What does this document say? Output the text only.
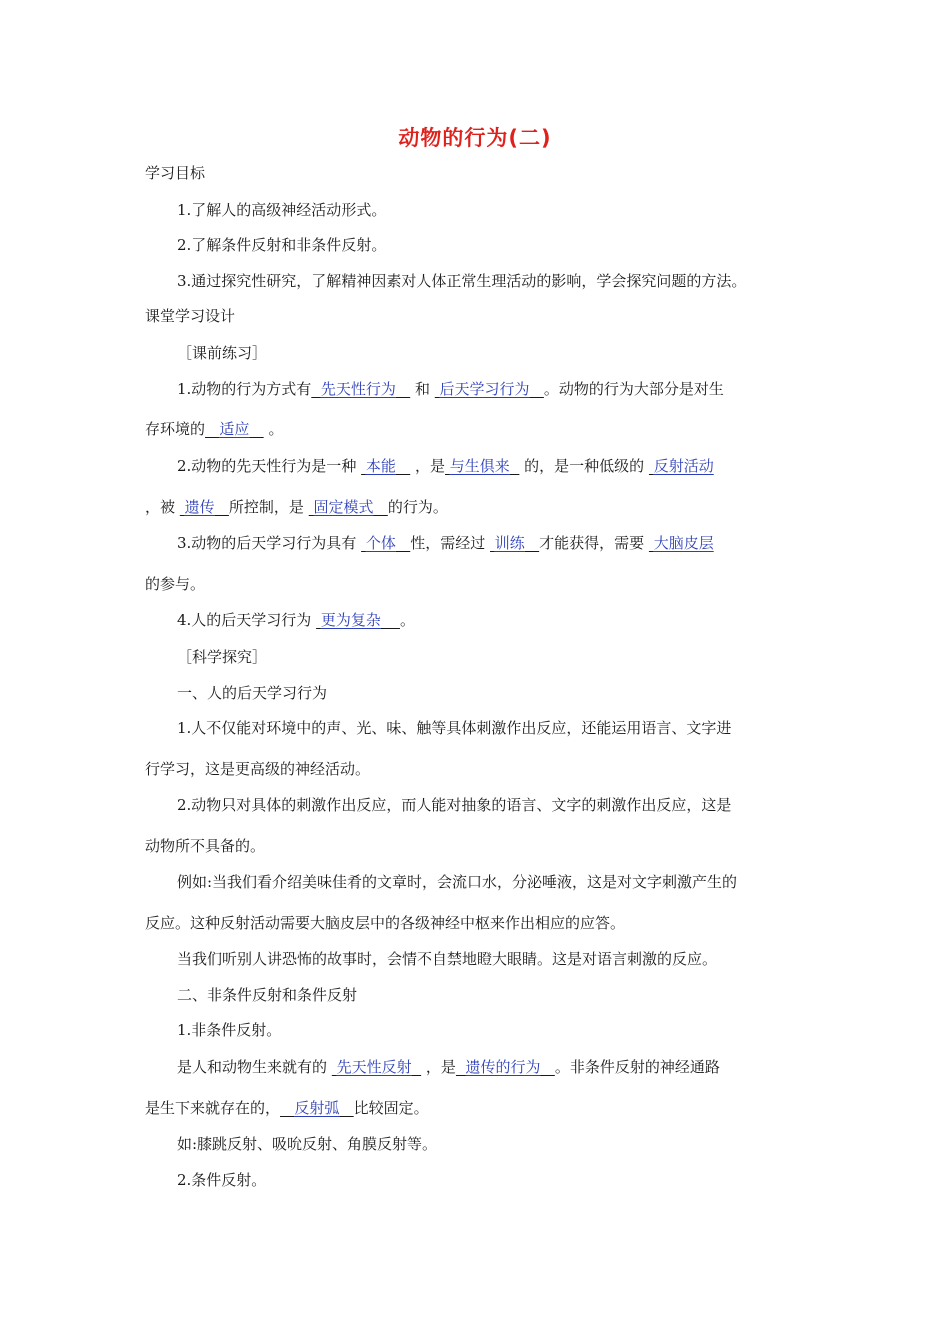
动物的行为(二)
学习目标
1.了解人的高级神经活动形式。
2.了解条件反射和非条件反射。
3.通过探究性研究，了解精神因素对人体正常生理活动的影响，学会探究问题的方法。
课堂学习设计
［课前练习］
1.动物的行为方式有 先天性行为 和 后天学习行为 。动物的行为大部分是对生
存环境的 适应 。
2.动物的先天性行为是一种 本能 ，是 与生俱来 的，是一种低级的 反射活动
，被 遗传 所控制，是 固定模式 的行为。
3.动物的后天学习行为具有 个体 性，需经过 训练 才能获得，需要 大脑皮层
的参与。
4.人的后天学习行为 更为复杂 。
［科学探究］
一、人的后天学习行为
1.人不仅能对环境中的声、光、味、触等具体刺激作出反应，还能运用语言、文字进
行学习，这是更高级的神经活动。
2.动物只对具体的刺激作出反应，而人能对抽象的语言、文字的刺激作出反应，这是
动物所不具备的。
例如:当我们看介绍美味佳肴的文章时，会流口水，分泌唾液，这是对文字刺激产生的
反应。这种反射活动需要大脑皮层中的各级神经中枢来作出相应的应答。
当我们听别人讲恐怖的故事时，会情不自禁地瞪大眼睛。这是对语言刺激的反应。
二、非条件反射和条件反射
1.非条件反射。
是人和动物生来就有的 先天性反射 ，是 遗传的行为 。非条件反射的神经通路
是生下来就存在的， 反射弧 比较固定。
如:膝跳反射、吸吮反射、角膜反射等。
2.条件反射。
